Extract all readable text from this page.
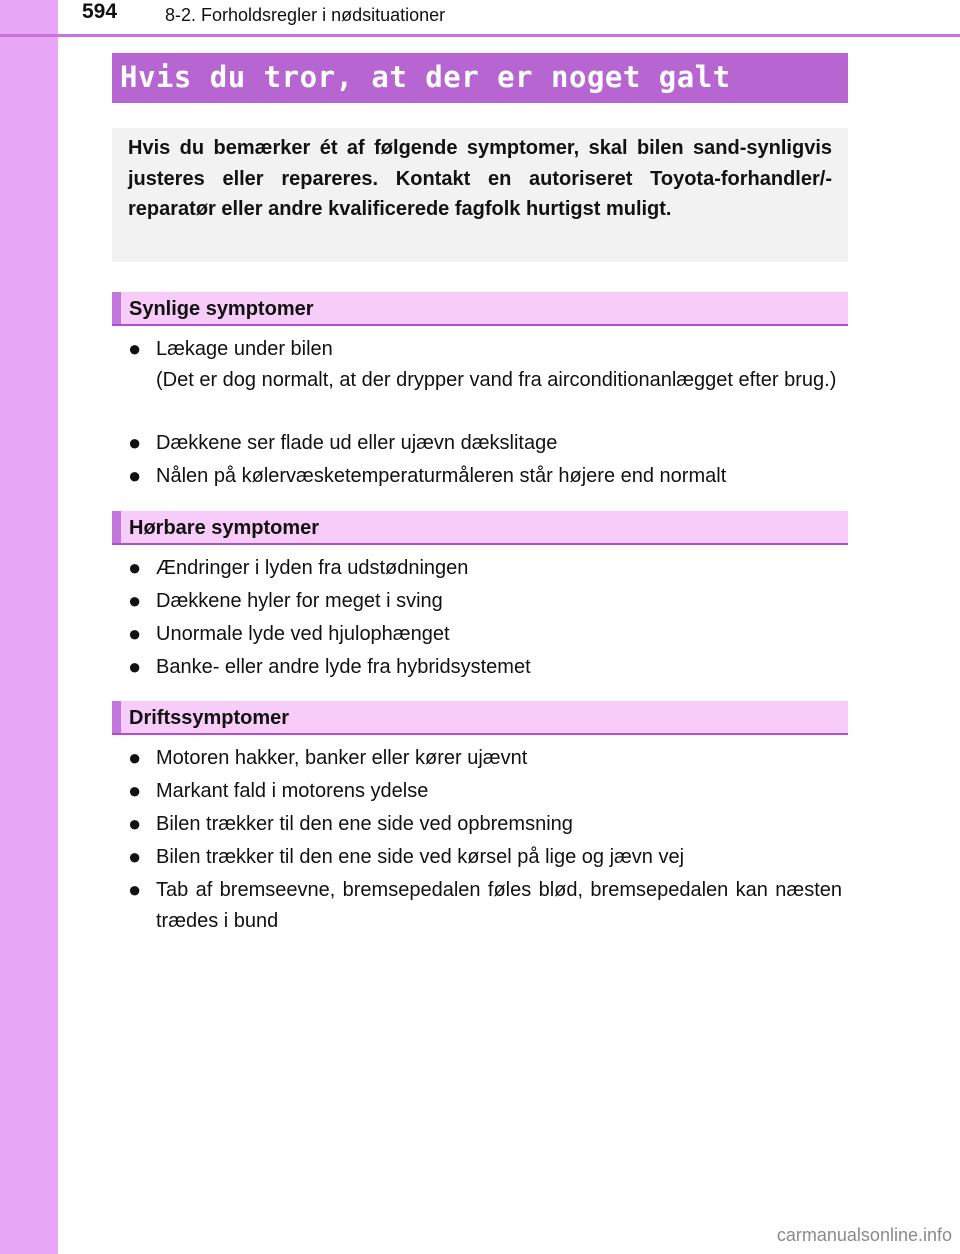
594	8-2. Forholdsregler i nødsituationer
Hvis du tror, at der er noget galt
Hvis du bemærker ét af følgende symptomer, skal bilen sand-synligvis justeres eller repareres. Kontakt en autoriseret Toyota-forhandler/-reparatør eller andre kvalificerede fagfolk hurtigst muligt.
Synlige symptomer
● Lækage under bilen
(Det er dog normalt, at der drypper vand fra airconditionanlægget efter brug.)
● Dækkene ser flade ud eller ujævn dækslitage
● Nålen på kølervæsketemperaturmåleren står højere end normalt
Hørbare symptomer
● Ændringer i lyden fra udstødningen
● Dækkene hyler for meget i sving
● Unormale lyde ved hjulophænget
● Banke- eller andre lyde fra hybridsystemet
Driftssymptomer
● Motoren hakker, banker eller kører ujævnt
● Markant fald i motorens ydelse
● Bilen trækker til den ene side ved opbremsning
● Bilen trækker til den ene side ved kørsel på lige og jævn vej
● Tab af bremseevne, bremsepedalen føles blød, bremsepedalen kan næsten trædes i bund
carmanualsonline.info
